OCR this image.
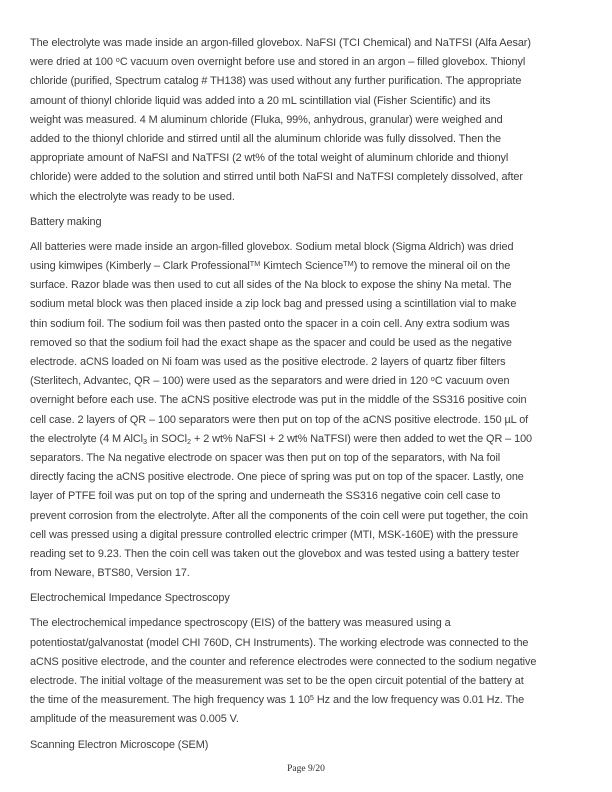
The electrolyte was made inside an argon-filled glovebox. NaFSI (TCI Chemical) and NaTFSI (Alfa Aesar)
were dried at 100 $^o$C vacuum oven overnight before use and stored in an argon – filled glovebox. Thionyl
chloride (purified, Spectrum catalog # TH138) was used without any further purification. The appropriate
amount of thionyl chloride liquid was added into a 20 mL scintillation vial (Fisher Scientific) and its
weight was measured. 4 M aluminum chloride (Fluka, 99%, anhydrous, granular) were weighed and
added to the thionyl chloride and stirred until all the aluminum chloride was fully dissolved. Then the
appropriate amount of NaFSI and NaTFSI (2 wt% of the total weight of aluminum chloride and thionyl
chloride) were added to the solution and stirred until both NaFSI and NaTFSI completely dissolved, after
which the electrolyte was ready to be used.
Battery making
All batteries were made inside an argon-filled glovebox. Sodium metal block (Sigma Aldrich) was dried
using kimwipes (Kimberly – Clark Professional™ Kimtech Science™) to remove the mineral oil on the
surface. Razor blade was then used to cut all sides of the Na block to expose the shiny Na metal. The
sodium metal block was then placed inside a zip lock bag and pressed using a scintillation vial to make
thin sodium foil. The sodium foil was then pasted onto the spacer in a coin cell. Any extra sodium was
removed so that the sodium foil had the exact shape as the spacer and could be used as the negative
electrode. aCNS loaded on Ni foam was used as the positive electrode. 2 layers of quartz fiber filters
(Sterlitech, Advantec, QR – 100) were used as the separators and were dried in 120 $^o$C vacuum oven
overnight before each use. The aCNS positive electrode was put in the middle of the SS316 positive coin
cell case. 2 layers of QR – 100 separators were then put on top of the aCNS positive electrode. 150 µL of
the electrolyte (4 M AlCl$_3$ in SOCl$_2$ + 2 wt% NaFSI + 2 wt% NaTFSI) were then added to wet the QR – 100
separators. The Na negative electrode on spacer was then put on top of the separators, with Na foil
directly facing the aCNS positive electrode. One piece of spring was put on top of the spacer. Lastly, one
layer of PTFE foil was put on top of the spring and underneath the SS316 negative coin cell case to
prevent corrosion from the electrolyte. After all the components of the coin cell were put together, the coin
cell was pressed using a digital pressure controlled electric crimper (MTI, MSK-160E) with the pressure
reading set to 9.23. Then the coin cell was taken out the glovebox and was tested using a battery tester
from Neware, BTS80, Version 17.
Electrochemical Impedance Spectroscopy
The electrochemical impedance spectroscopy (EIS) of the battery was measured using a
potentiostat/galvanostat (model CHI 760D, CH Instruments). The working electrode was connected to the
aCNS positive electrode, and the counter and reference electrodes were connected to the sodium negative
electrode. The initial voltage of the measurement was set to be the open circuit potential of the battery at
the time of the measurement. The high frequency was 1 $10^5$ Hz and the low frequency was 0.01 Hz. The
amplitude of the measurement was 0.005 V.
Scanning Electron Microscope (SEM)
Page 9/20
